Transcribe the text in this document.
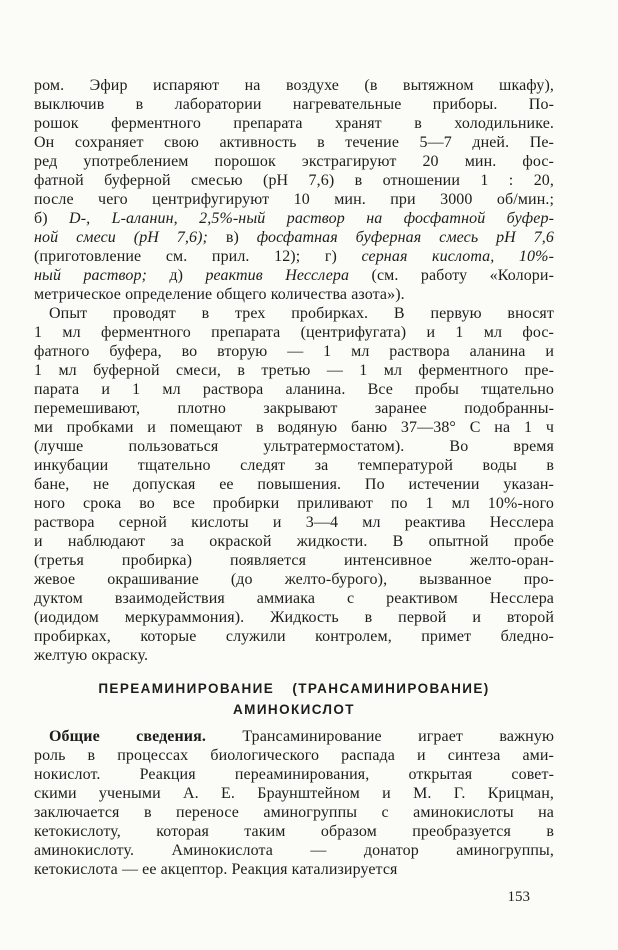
ром. Эфир испаряют на воздухе (в вытяжном шкафу),
выключив в лаборатории нагревательные приборы. По-
рошок ферментного препарата хранят в холодильнике.
Он сохраняет свою активность в течение 5—7 дней. Пе-
ред употреблением порошок экстрагируют 20 мин. фос-
фатной буферной смесью (pH 7,6) в отношении 1 : 20,
после чего центрифугируют 10 мин. при 3000 об/мин.;
б) D-, L-аланин, 2,5%-ный раствор на фосфатной буфер-
ной смеси (pH 7,6); в) фосфатная буферная смесь pH 7,6
(приготовление см. прил. 12); г) серная кислота, 10%-
ный раствор; д) реактив Несслера (см. работу «Колори-
метрическое определение общего количества азота»).
Опыт проводят в трех пробирках. В первую вносят
1 мл ферментного препарата (центрифугата) и 1 мл фос-
фатного буфера, во вторую — 1 мл раствора аланина и
1 мл буферной смеси, в третью — 1 мл ферментного пре-
парата и 1 мл раствора аланина. Все пробы тщательно
перемешивают, плотно закрывают заранее подобранны-
ми пробками и помещают в водяную баню 37—38° С на 1 ч
(лучше пользоваться ультратермостатом). Во время
инкубации тщательно следят за температурой воды в
бане, не допуская ее повышения. По истечении указан-
ного срока во все пробирки приливают по 1 мл 10%-ного
раствора серной кислоты и 3—4 мл реактива Несслера
и наблюдают за окраской жидкости. В опытной пробе
(третья пробирка) появляется интенсивное желто-оран-
жевое окрашивание (до желто-бурого), вызванное про-
дуктом взаимодействия аммиака с реактивом Несслера
(иодидом меркураммония). Жидкость в первой и второй
пробирках, которые служили контролем, примет бледно-
желтую окраску.
ПЕРЕАМИНИРОВАНИЕ (ТРАНСАМИНИРОВАНИЕ)
АМИНОКИСЛОТ
Общие сведения. Трансаминирование играет важную
роль в процессах биологического распада и синтеза ами-
нокислот. Реакция переаминирования, открытая совет-
скими учеными А. Е. Браунштейном и М. Г. Крицман,
заключается в переносе аминогруппы с аминокислоты на
кетокислоту, которая таким образом преобразуется в
аминокислоту. Аминокислота — донатор аминогруппы,
кетокислота — ее акцептор. Реакция катализируется
153
